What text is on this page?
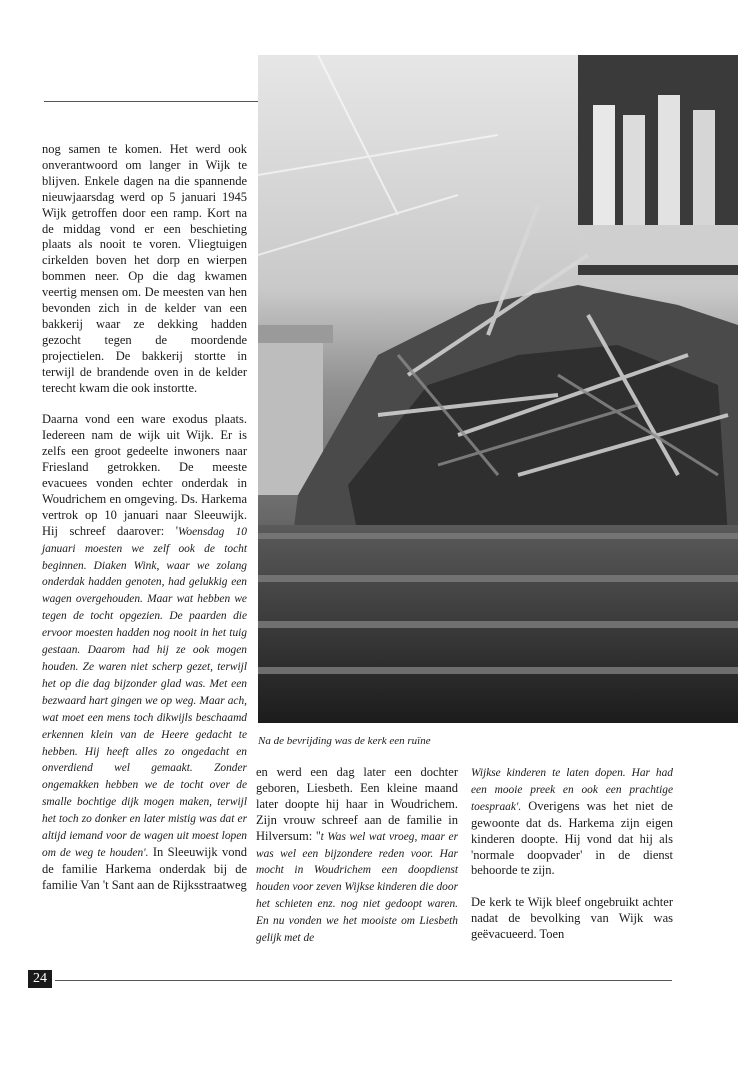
Na de bevrijding was de kerk een ruïne

nog samen te komen. Het werd ook onverantwoord om langer in Wijk te blijven. Enkele dagen na die spannende nieuwjaarsdag werd op 5 januari 1945 Wijk getroffen door een ramp. Kort na de middag vond er een beschieting plaats als nooit te voren. Vliegtuigen cirkelden boven het dorp en wierpen bommen neer. Op die dag kwamen veertig mensen om. De meesten van hen bevonden zich in de kelder van een bakkerij waar ze dekking hadden gezocht tegen de moordende projectielen. De bakkerij stortte in terwijl de brandende oven in de kelder terecht kwam die ook instortte.

Daarna vond een ware exodus plaats. Iedereen nam de wijk uit Wijk. Er is zelfs een groot gedeelte inwoners naar Friesland getrokken. De meeste evacuees vonden echter onderdak in Woudrichem en omgeving. Ds. Harkema vertrok op 10 januari naar Sleeuwijk. Hij schreef daarover: 'Woensdag 10 januari moesten we zelf ook de tocht beginnen. Diaken Wink, waar we zolang onderdak hadden genoten, had gelukkig een wagen overgehouden. Maar wat hebben we tegen de tocht opgezien. De paarden die ervoor moesten hadden nog nooit in het tuig gestaan. Daarom had hij ze ook mogen houden. Ze waren niet scherp gezet, terwijl het op die dag bijzonder glad was. Met een bezwaard hart gingen we op weg. Maar ach, wat moet een mens toch dikwijls beschaamd erkennen klein van de Heere gedacht te hebben. Hij heeft alles zo ongedacht en onverdiend wel gemaakt. Zonder ongemakken hebben we de tocht over de smalle bochtige dijk mogen maken, terwijl het toch zo donker en later mistig was dat er altijd iemand voor de wagen uit moest lopen om de weg te houden'. In Sleeuwijk vond de familie Harkema onderdak bij de familie Van 't Sant aan de Rijksstraatweg

en werd een dag later een dochter geboren, Liesbeth. Een kleine maand later doopte hij haar in Woudrichem. Zijn vrouw schreef aan de familie in Hilversum: ''t Was wel wat vroeg, maar er was wel een bijzondere reden voor. Har mocht in Woudrichem een doopdienst houden voor zeven Wijkse kinderen die door het schieten enz. nog niet gedoopt waren. En nu vonden we het mooiste om Liesbeth gelijk met de

Wijkse kinderen te laten dopen. Har had een mooie preek en ook een prachtige toespraak'. Overigens was het niet de gewoonte dat ds. Harkema zijn eigen kinderen doopte. Hij vond dat hij als 'normale doopvader' in de dienst behoorde te zijn.

De kerk te Wijk bleef ongebruikt achter nadat de bevolking van Wijk was geëvacueerd. Toen

24
